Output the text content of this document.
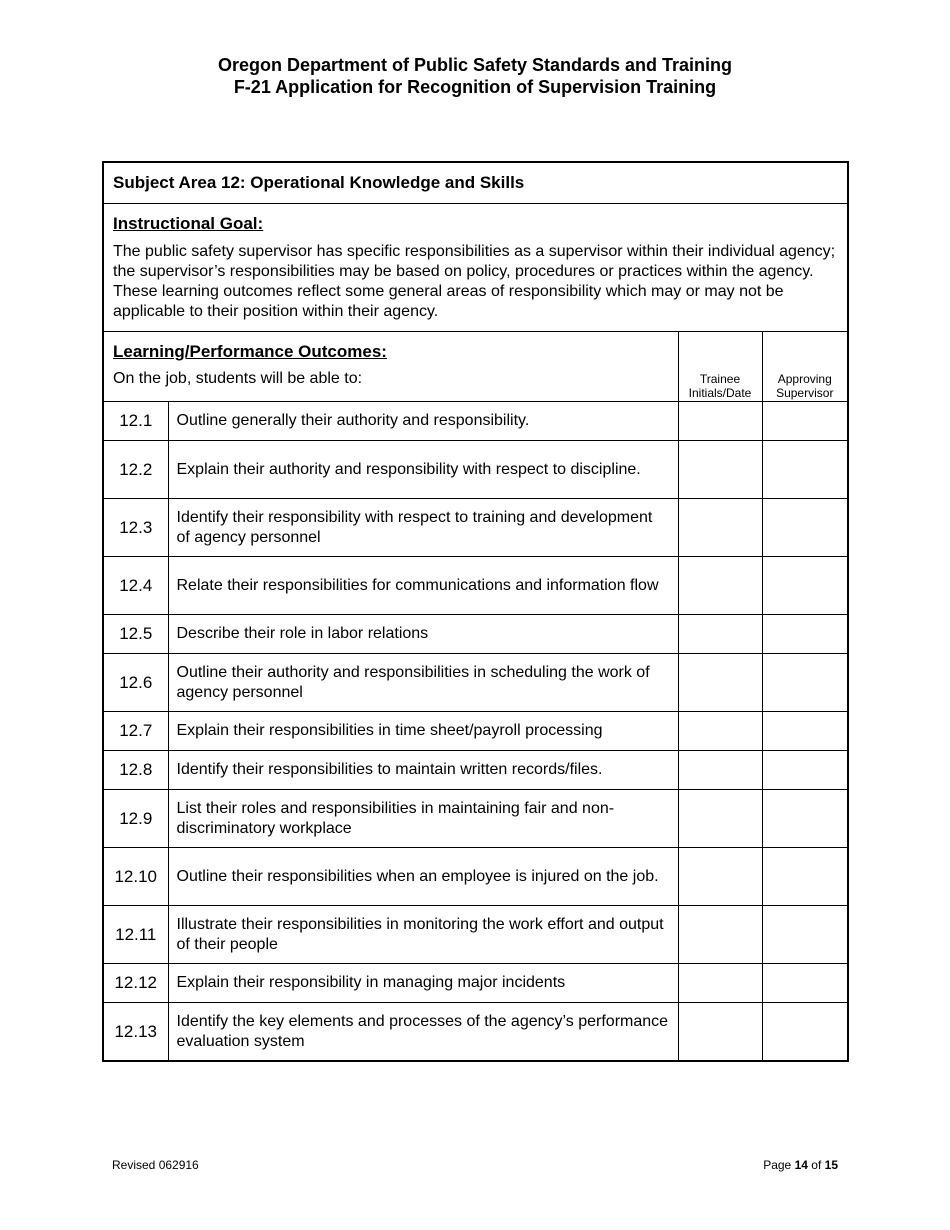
Oregon Department of Public Safety Standards and Training
F-21 Application for Recognition of Supervision Training
Subject Area 12: Operational Knowledge and Skills			

Instructional Goal:
The public safety supervisor has specific responsibilities as a supervisor within their individual agency; the supervisor’s responsibilities may be based on policy, procedures or practices within the agency. These learning outcomes reflect some general areas of responsibility which may or may not be applicable to their position within their agency.			

Learning/Performance Outcomes:
On the job, students will be able to:		Trainee Initials/Date	Approving Supervisor
12.1	Outline generally their authority and responsibility.		
12.2	Explain their authority and responsibility with respect to discipline.		
12.3	Identify their responsibility with respect to training and development of agency personnel		
12.4	Relate their responsibilities for communications and information flow		
12.5	Describe their role in labor relations		
12.6	Outline their authority and responsibilities in scheduling the work of agency personnel		
12.7	Explain their responsibilities in time sheet/payroll processing		
12.8	Identify their responsibilities to maintain written records/files.		
12.9	List their roles and responsibilities in maintaining fair and non-discriminatory workplace		
12.10	Outline their responsibilities when an employee is injured on the job.		
12.11	Illustrate their responsibilities in monitoring the work effort and output of their people		
12.12	Explain their responsibility in managing major incidents		
12.13	Identify the key elements and processes of the agency’s performance evaluation system		
Revised 062916	Page 14 of 15
